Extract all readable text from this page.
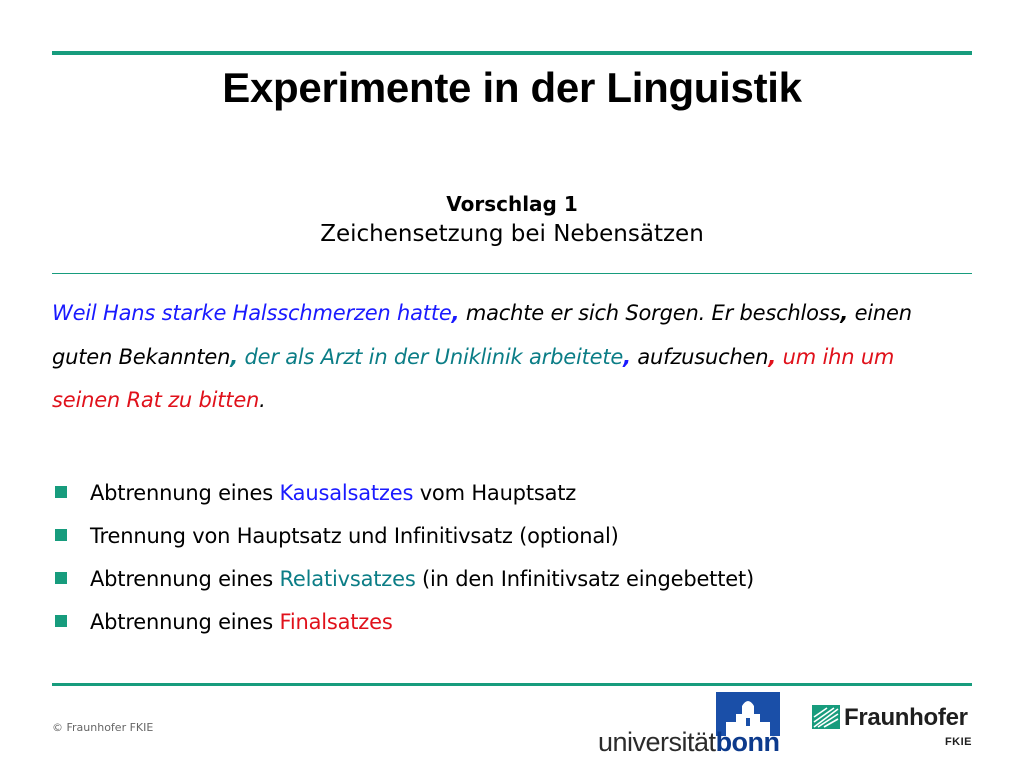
Experimente in der Linguistik
Vorschlag 1
Zeichensetzung bei Nebensätzen
Weil Hans starke Halsschmerzen hatte, machte er sich Sorgen. Er beschloss, einen guten Bekannten, der als Arzt in der Uniklinik arbeitete, aufzusuchen, um ihn um seinen Rat zu bitten.
Abtrennung eines Kausalsatzes vom Hauptsatz
Trennung von Hauptsatz und Infinitivsatz (optional)
Abtrennung eines Relativsatzes (in den Infinitivsatz eingebettet)
Abtrennung eines Finalsatzes
© Fraunhofer FKIE	universitätbonn
Fraunhofer
FKIE
